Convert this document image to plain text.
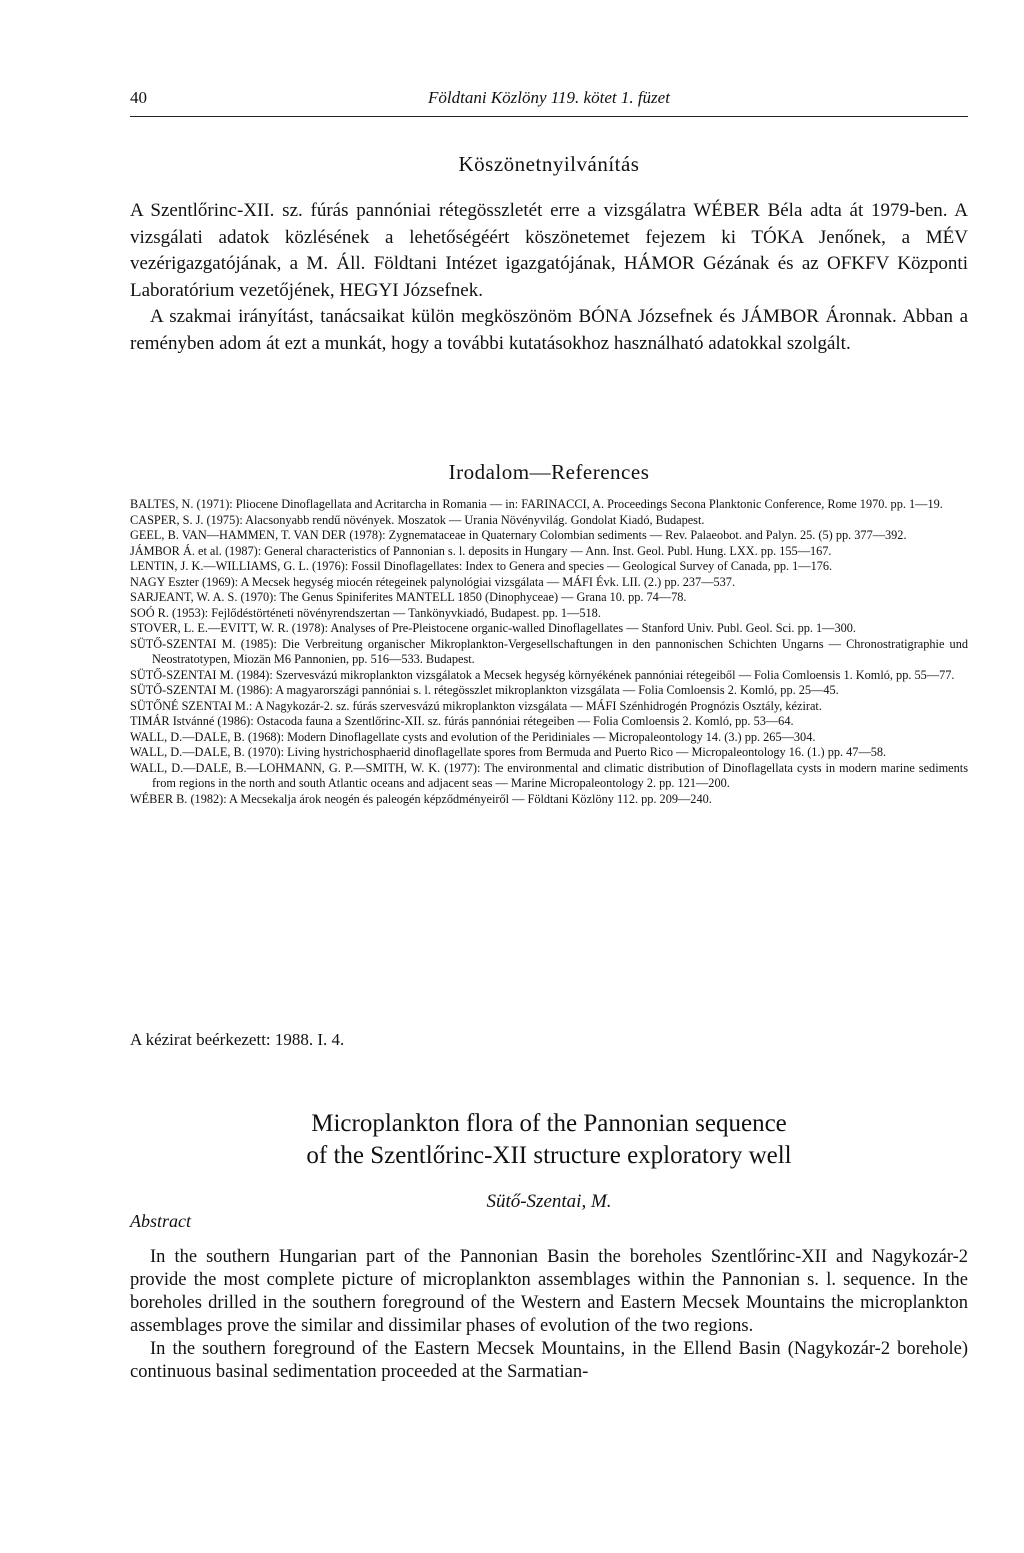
40	Földtani Közlöny 119. kötet 1. füzet
Köszönetnyilvánítás

A Szentlőrinc-XII. sz. fúrás pannóniai rétegösszletét erre a vizsgálatra WÉBER Béla adta át 1979-ben. A vizsgálati adatok közlésének a lehetőségéért köszönetemet fejezem ki TÓKA Jenőnek, a MÉV vezérigazgatójának, a M. Áll. Földtani Intézet igazgatójának, HÁMOR Gézának és az OFKFV Központi Laboratórium vezetőjének, HEGYI Józsefnek.

A szakmai irányítást, tanácsaikat külön megköszönöm BÓNA Józsefnek és JÁMBOR Áronnak. Abban a reményben adom át ezt a munkát, hogy a további kutatásokhoz használható adatokkal szolgált.

Irodalom—References

BALTES, N. (1971): Pliocene Dinoflagellata and Acritarcha in Romania — in: FARINACCI, A. Proceedings Secona Planktonic Conference, Rome 1970. pp. 1—19.

CASPER, S. J. (1975): Alacsonyabb rendű növények. Moszatok — Urania Növényvilág. Gondolat Kiadó, Budapest.

GEEL, B. VAN—HAMMEN, T. VAN DER (1978): Zygnemataceae in Quaternary Colombian sediments — Rev. Palaeobot. and Palyn. 25. (5) pp. 377—392.

JÁMBOR Á. et al. (1987): General characteristics of Pannonian s. l. deposits in Hungary — Ann. Inst. Geol. Publ. Hung. LXX. pp. 155—167.

LENTIN, J. K.—WILLIAMS, G. L. (1976): Fossil Dinoflagellates: Index to Genera and species — Geological Survey of Canada, pp. 1—176.

NAGY Eszter (1969): A Mecsek hegység miocén rétegeinek palynológiai vizsgálata — MÁFI Évk. LII. (2.) pp. 237—537.

SARJEANT, W. A. S. (1970): The Genus Spiniferites MANTELL 1850 (Dinophyceae) — Grana 10. pp. 74—78.

SOÓ R. (1953): Fejlődéstörténeti növényrendszertan — Tankönyvkiadó, Budapest. pp. 1—518.

STOVER, L. E.—EVITT, W. R. (1978): Analyses of Pre-Pleistocene organic-walled Dinoflagellates — Stanford Univ. Publ. Geol. Sci. pp. 1—300.

SÜTŐ-SZENTAI M. (1985): Die Verbreitung organischer Mikroplankton-Vergesellschaftungen in den pannonischen Schichten Ungarns — Chronostratigraphie und Neostratotypen, Miozän M6 Pannonien, pp. 516—533. Budapest.

SÜTŐ-SZENTAI M. (1984): Szervesvázú mikroplankton vizsgálatok a Mecsek hegység környékének pannóniai rétegeiből — Folia Comloensis 1. Komló, pp. 55—77.

SÜTŐ-SZENTAI M. (1986): A magyarországi pannóniai s. l. rétegösszlet mikroplankton vizsgálata — Folia Comloensis 2. Komló, pp. 25—45.

SÜTŐNÉ SZENTAI M.: A Nagykozár-2. sz. fúrás szervesvázú mikroplankton vizsgálata — MÁFI Szénhidrogén Prognózis Osztály, kézirat.

TIMÁR Istvánné (1986): Ostacoda fauna a Szentlőrinc-XII. sz. fúrás pannóniai rétegeiben — Folia Comloensis 2. Komló, pp. 53—64.

WALL, D.—DALE, B. (1968): Modern Dinoflagellate cysts and evolution of the Peridiniales — Micropaleontology 14. (3.) pp. 265—304.

WALL, D.—DALE, B. (1970): Living hystrichosphaerid dinoflagellate spores from Bermuda and Puerto Rico — Micropaleontology 16. (1.) pp. 47—58.

WALL, D.—DALE, B.—LOHMANN, G. P.—SMITH, W. K. (1977): The environmental and climatic distribution of Dinoflagellata cysts in modern marine sediments from regions in the north and south Atlantic oceans and adjacent seas — Marine Micropaleontology 2. pp. 121—200.

WÉBER B. (1982): A Mecsekalja árok neogén és paleogén képződményeiről — Földtani Közlöny 112. pp. 209—240.

A kézirat beérkezett: 1988. I. 4.
Microplankton flora of the Pannonian sequence
of the Szentlőrinc-XII structure exploratory well
Sütő-Szentai, M.
Abstract

In the southern Hungarian part of the Pannonian Basin the boreholes Szentlőrinc-XII and Nagykozár-2 provide the most complete picture of microplankton assemblages within the Pannonian s. l. sequence. In the boreholes drilled in the southern foreground of the Western and Eastern Mecsek Mountains the microplankton assemblages prove the similar and dissimilar phases of evolution of the two regions.

In the southern foreground of the Eastern Mecsek Mountains, in the Ellend Basin (Nagykozár-2 borehole) continuous basinal sedimentation proceeded at the Sarmatian-
